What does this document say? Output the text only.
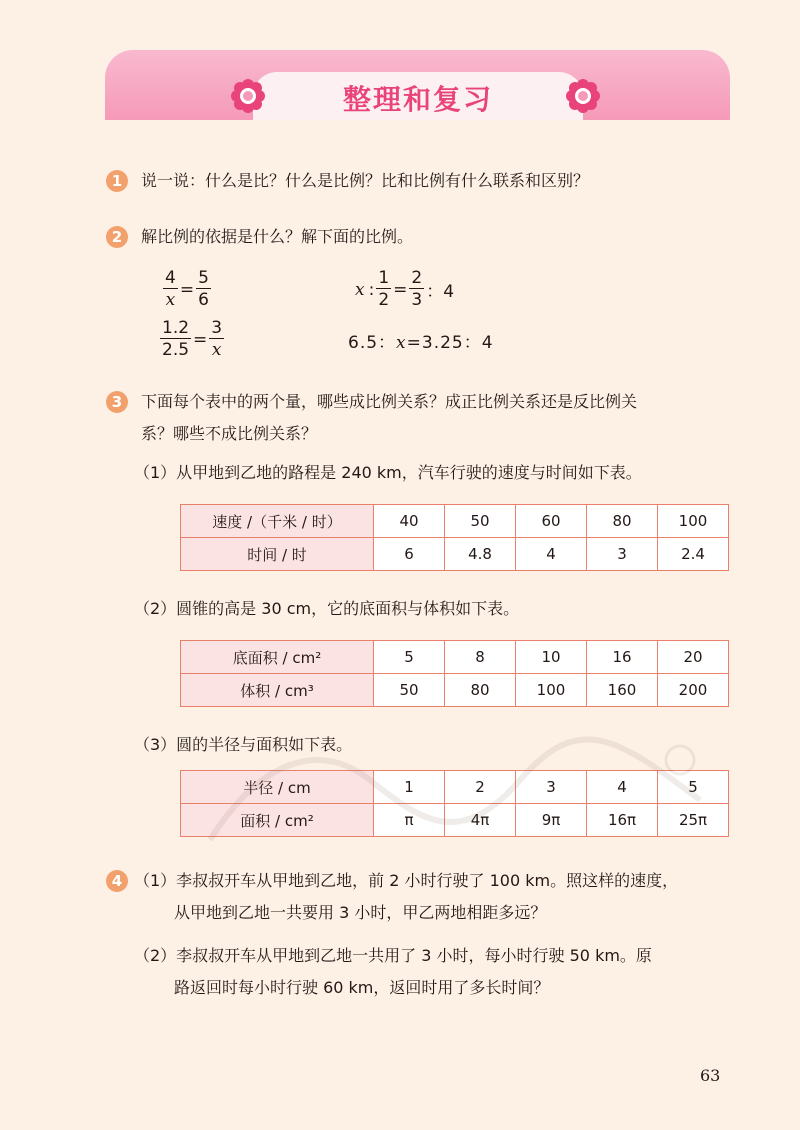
整理和复习
1	说一说：什么是比？什么是比例？比和比例有什么联系和区别？
2	解比例的依据是什么？解下面的比例。
$\frac{4}{x} = \frac{5}{6}$	x : $\frac{1}{2} = \frac{2}{3}$ ：4
$\frac{1.2}{2.5} = \frac{3}{x}$	6.5：x=3.25：4
3	下面每个表中的两个量，哪些成比例关系？成正比例关系还是反比例关
系？哪些不成比例关系？
（1）从甲地到乙地的路程是 240 km，汽车行驶的速度与时间如下表。
速度 /（千米 / 时）	40	50	60	80	100
时间 / 时	6	4.8	4	3	2.4
（2）圆锥的高是 30 cm，它的底面积与体积如下表。
底面积 / cm²	5	8	10	16	20
体积 / cm³	50	80	100	160	200
（3）圆的半径与面积如下表。
半径 / cm	1	2	3	4	5
面积 / cm²	π	4π	9π	16π	25π
4 （1）李叔叔开车从甲地到乙地，前 2 小时行驶了 100 km。照这样的速度，
从甲地到乙地一共要用 3 小时，甲乙两地相距多远？
（2）李叔叔开车从甲地到乙地一共用了 3 小时，每小时行驶 50 km。原
路返回时每小时行驶 60 km，返回时用了多长时间？
63
